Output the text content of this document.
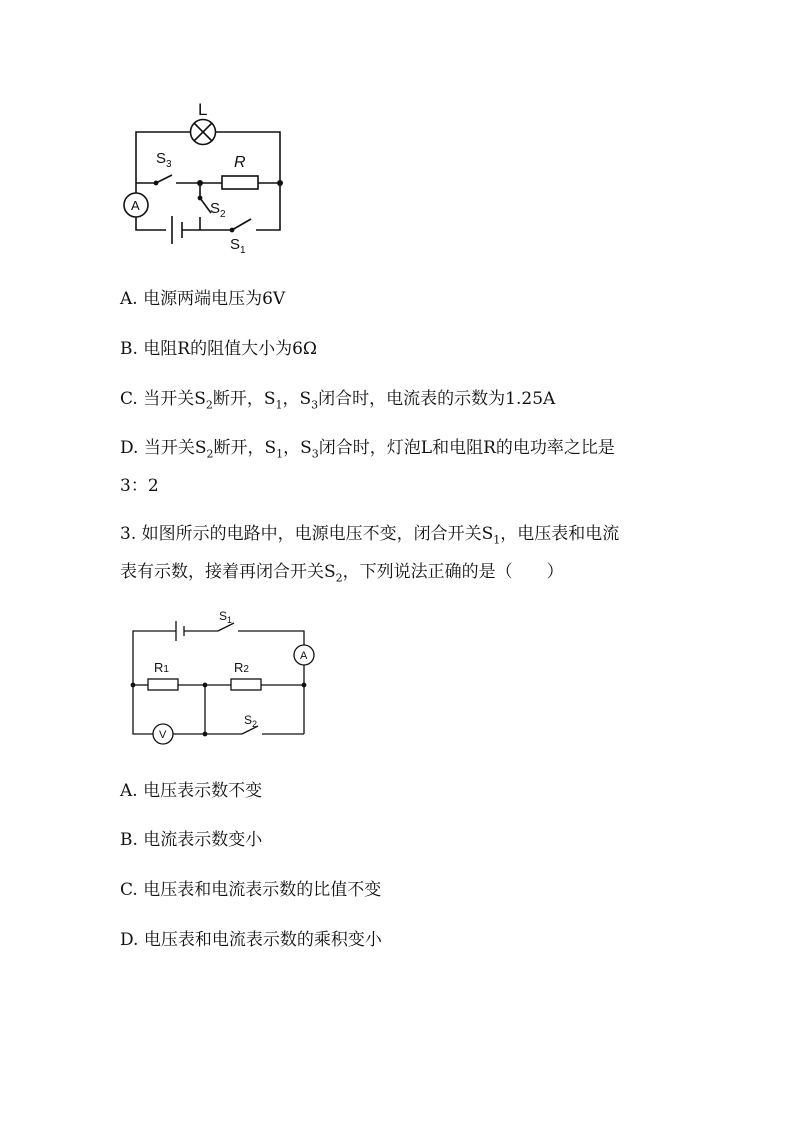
L
A
$S_3$	R
$S_2$
$S_1$
A. 电源两端电压为6V
B. 电阻R的阻值大小为6Ω
C. 当开关$S_2$断开，$S_1$，$S_3$闭合时，电流表的示数为1.25A
D. 当开关$S_2$断开，$S_1$，$S_3$闭合时，灯泡L和电阻R的电功率之比是
3：2
3. 如图所示的电路中，电源电压不变，闭合开关$S_1$，电压表和电流
表有示数，接着再闭合开关$S_2$，下列说法正确的是（　　）
$S_1$
A
R1	R2
V
$S_2$
A. 电压表示数不变
B. 电流表示数变小
C. 电压表和电流表示数的比值不变
D. 电压表和电流表示数的乘积变小
